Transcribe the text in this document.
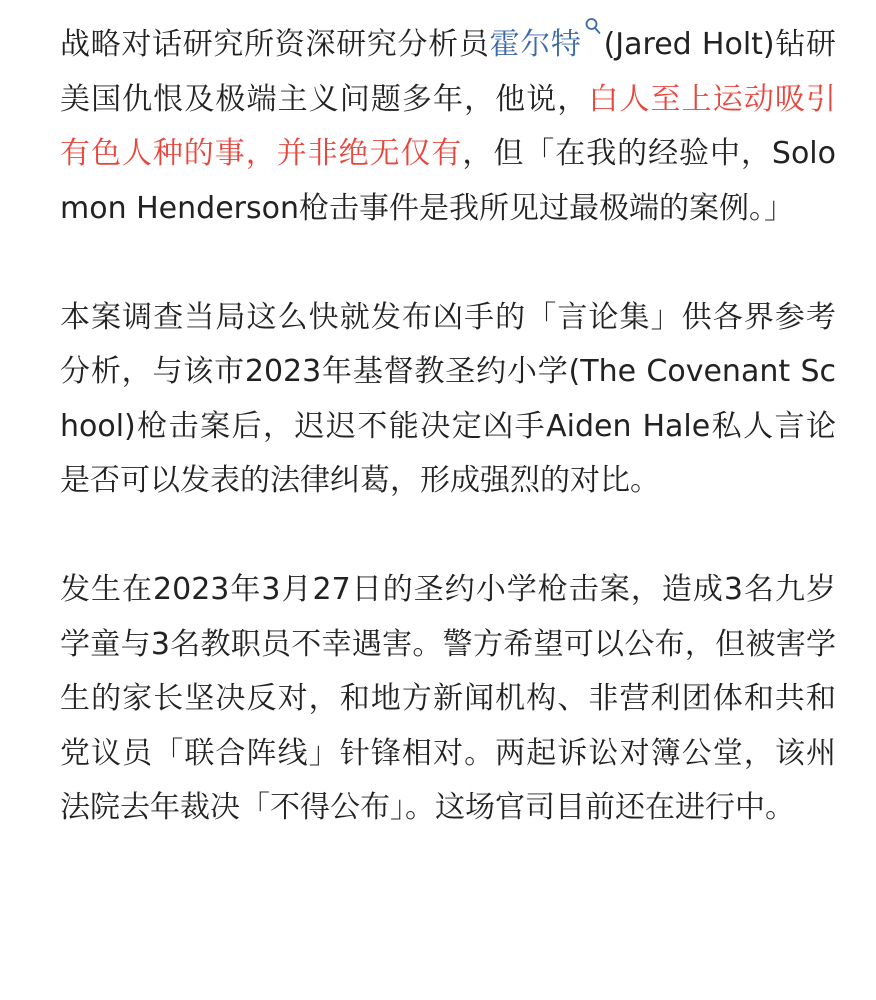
战略对话研究所资深研究分析员霍尔特 (Jared Holt)钻研美国仇恨及极端主义问题多年，他说，白人至上运动吸引有色人种的事，并非绝无仅有，但「在我的经验中，Solomon Henderson枪击事件是我所见过最极端的案例。」

本案调查当局这么快就发布凶手的「言论集」供各界参考分析，与该市2023年基督教圣约小学(The Covenant School)枪击案后，迟迟不能决定凶手Aiden Hale私人言论是否可以发表的法律纠葛，形成强烈的对比。

发生在2023年3月27日的圣约小学枪击案，造成3名九岁学童与3名教职员不幸遇害。警方希望可以公布，但被害学生的家长坚决反对，和地方新闻机构、非营利团体和共和党议员「联合阵线」针锋相对。两起诉讼对簿公堂，该州法院去年裁决「不得公布」。这场官司目前还在进行中。
